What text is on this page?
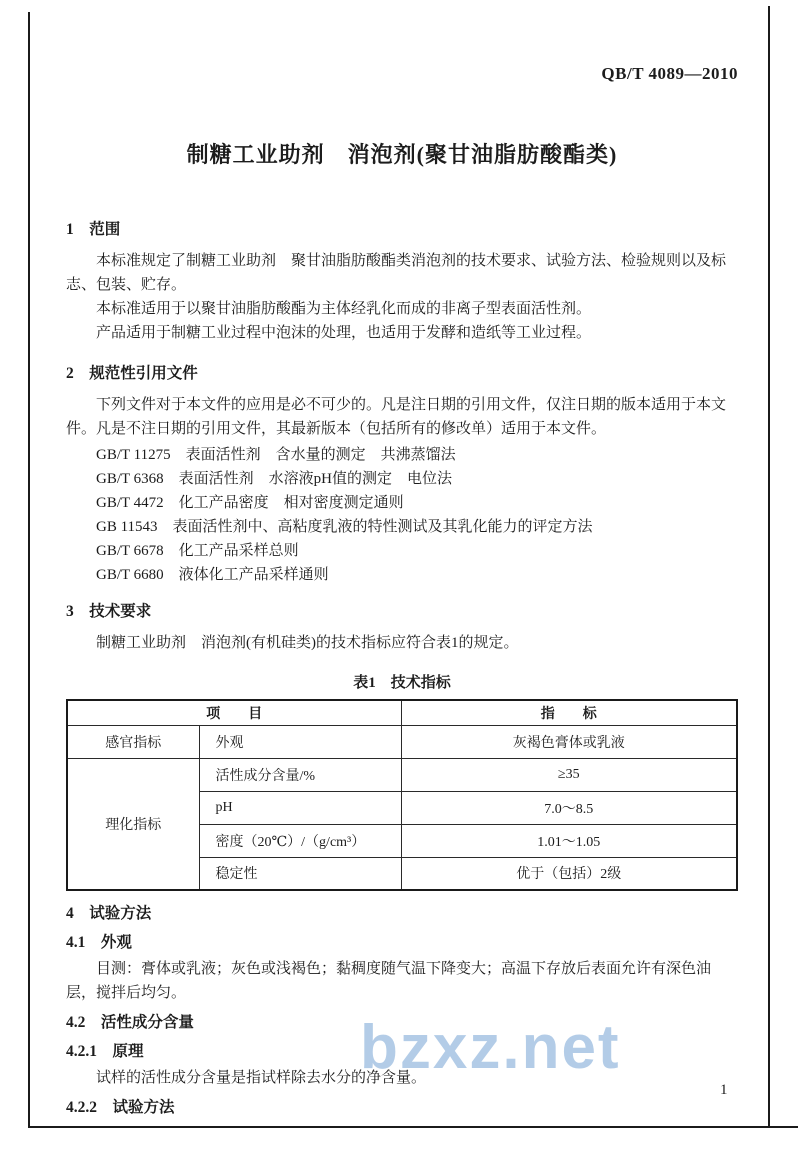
QB/T 4089—2010
制糖工业助剂　消泡剂(聚甘油脂肪酸酯类)
1　范围

本标准规定了制糖工业助剂　聚甘油脂肪酸酯类消泡剂的技术要求、试验方法、检验规则以及标志、包装、贮存。

本标准适用于以聚甘油脂肪酸酯为主体经乳化而成的非离子型表面活性剂。

产品适用于制糖工业过程中泡沫的处理，也适用于发酵和造纸等工业过程。

2　规范性引用文件

下列文件对于本文件的应用是必不可少的。凡是注日期的引用文件，仅注日期的版本适用于本文件。凡是不注日期的引用文件，其最新版本（包括所有的修改单）适用于本文件。

GB/T 11275　表面活性剂　含水量的测定　共沸蒸馏法
GB/T 6368　表面活性剂　水溶液pH值的测定　电位法
GB/T 4472　化工产品密度　相对密度测定通则
GB 11543　表面活性剂中、高粘度乳液的特性测试及其乳化能力的评定方法
GB/T 6678　化工产品采样总则
GB/T 6680　液体化工产品采样通则
3　技术要求

制糖工业助剂　消泡剂(有机硅类)的技术指标应符合表1的规定。

表1　技术指标
项　　目		指　　标
感官指标	外观	灰褐色膏体或乳液
理化指标	活性成分含量/%	≥35
	pH	7.0～8.5
	密度（20℃）/（g/cm³）	1.01～1.05
	稳定性	优于（包括）2级
4　试验方法
4.1　外观

目测：膏体或乳液；灰色或浅褐色；黏稠度随气温下降变大；高温下存放后表面允许有深色油层，搅拌后均匀。

4.2　活性成分含量
4.2.1　原理

试样的活性成分含量是指试样除去水分的净含量。

4.2.2　试验方法
bzxz.net
1
